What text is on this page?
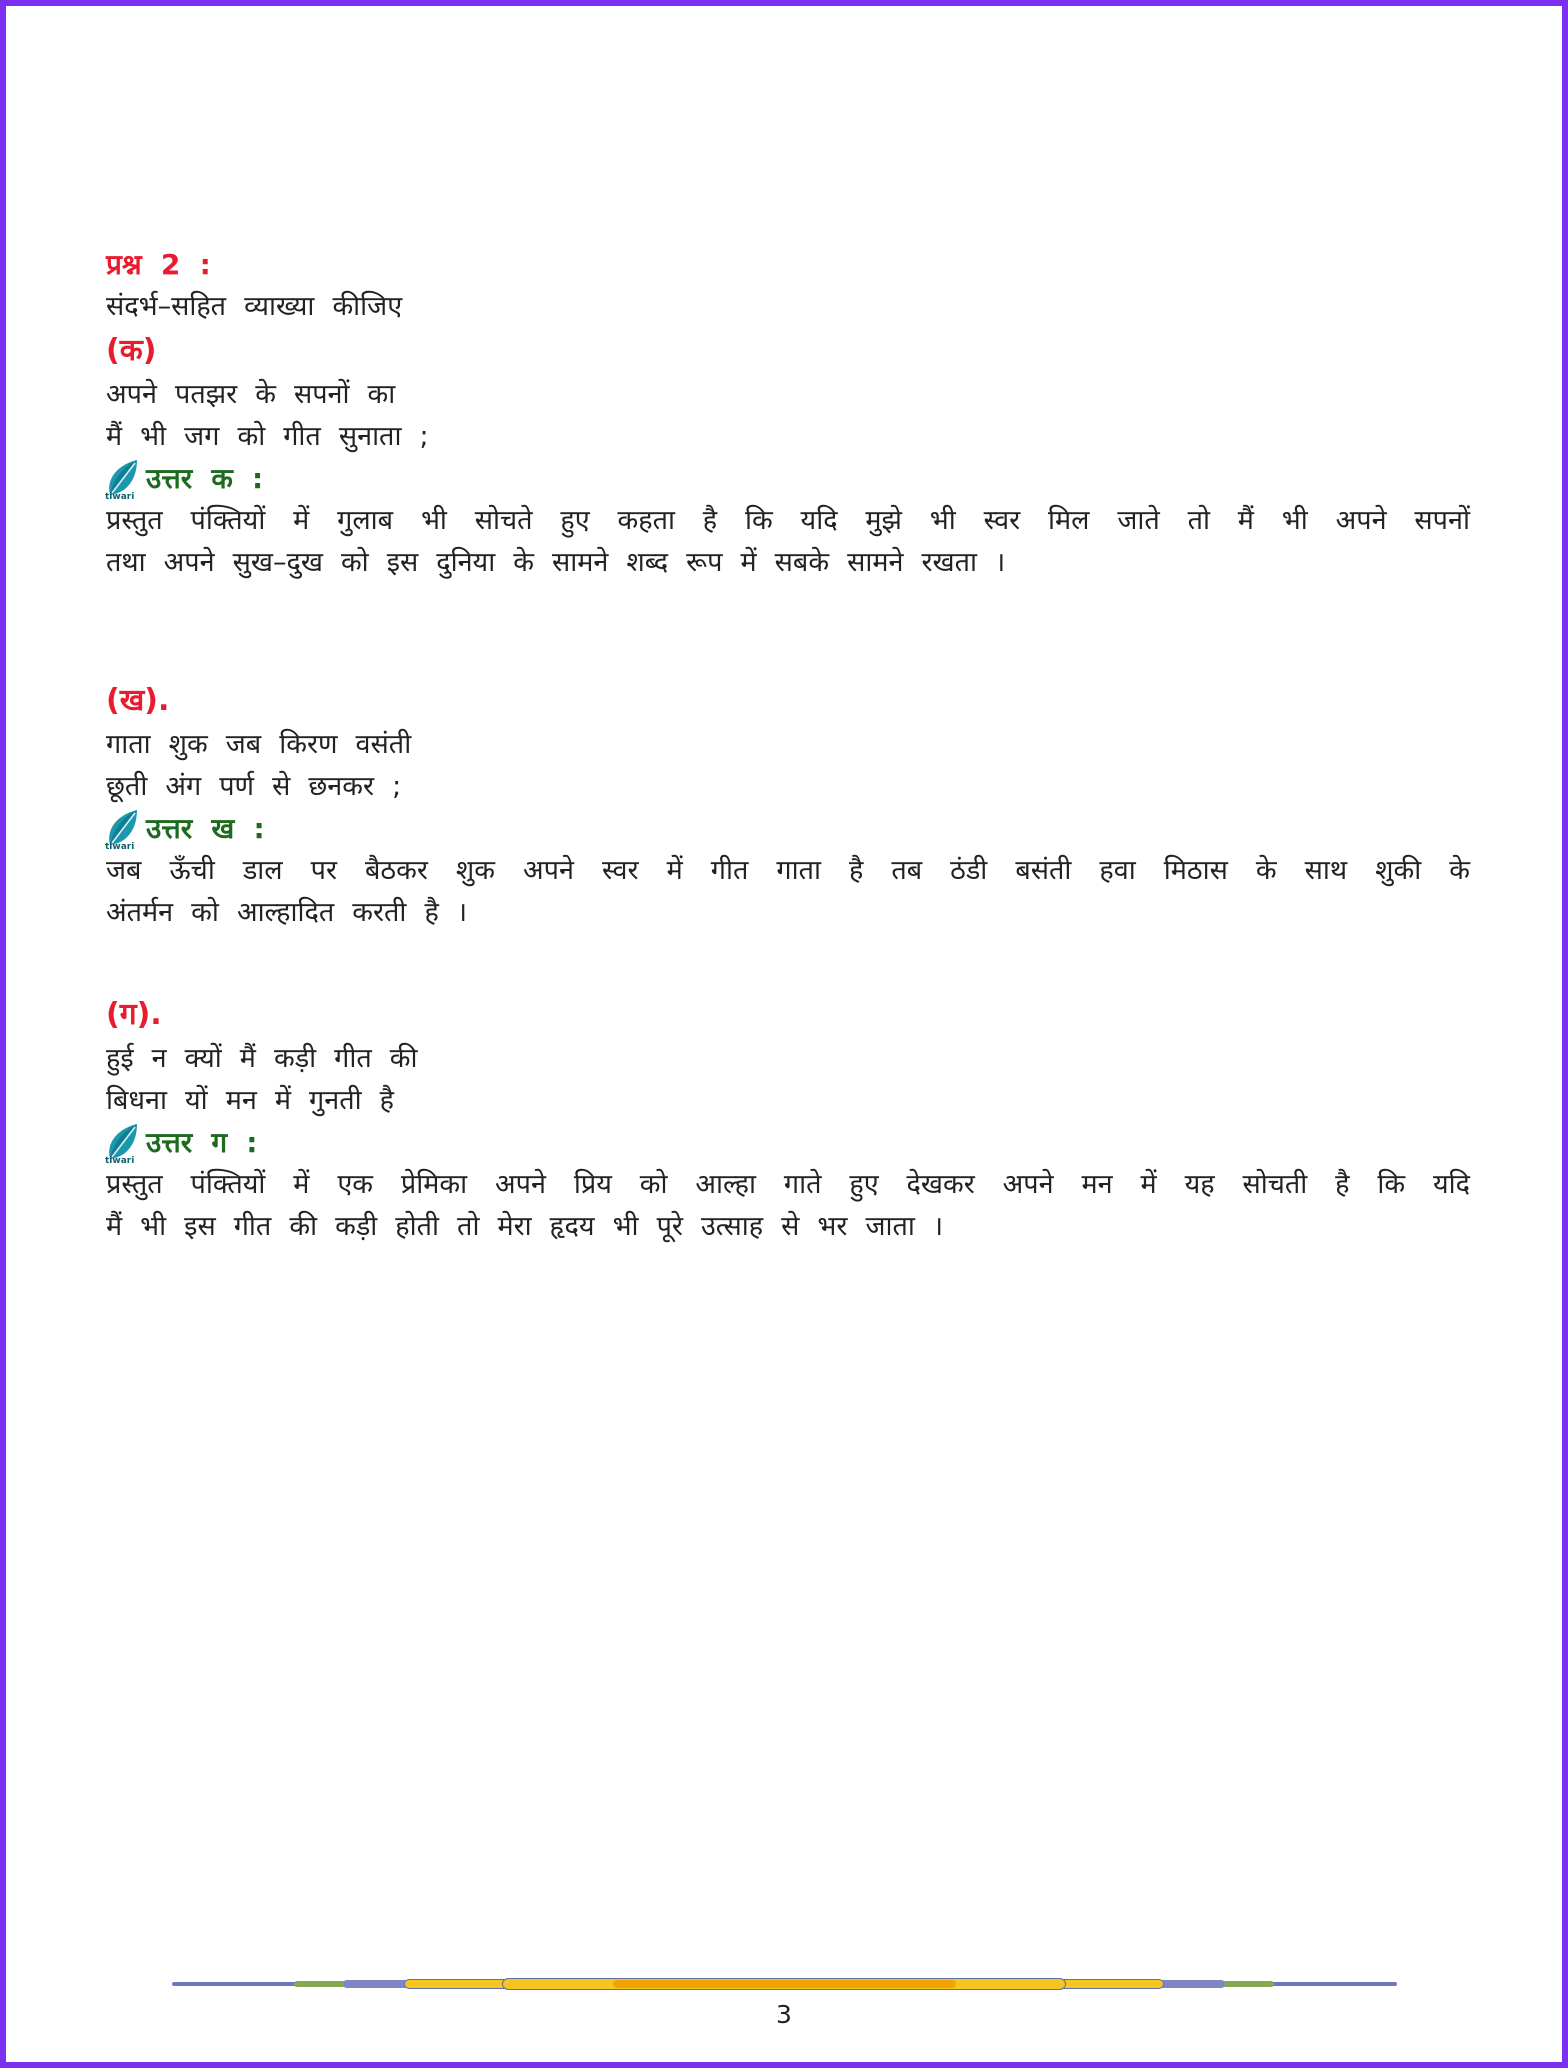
प्रश्न 2 :
संदर्भ–सहित व्याख्या कीजिए
(क)
अपने पतझर के सपनों का
मैं भी जग को गीत सुनाता ;
tiwari
उत्तर क :
प्रस्तुत पंक्तियों में गुलाब भी सोचते हुए कहता है कि यदि मुझे भी स्वर मिल जाते तो मैं भी अपने सपनों
तथा अपने सुख–दुख को इस दुनिया के सामने शब्द रूप में सबके सामने रखता ।
(ख).
गाता शुक जब किरण वसंती
छूती अंग पर्ण से छनकर ;
tiwari
उत्तर ख :
जब ऊँची डाल पर बैठकर शुक अपने स्वर में गीत गाता है तब ठंडी बसंती हवा मिठास के साथ शुकी के
अंतर्मन को आल्हादित करती है ।
(ग).
हुई न क्यों मैं कड़ी गीत की
बिधना यों मन में गुनती है
tiwari
उत्तर ग :
प्रस्तुत पंक्तियों में एक प्रेमिका अपने प्रिय को आल्हा गाते हुए देखकर अपने मन में यह सोचती है कि यदि
मैं भी इस गीत की कड़ी होती तो मेरा हृदय भी पूरे उत्साह से भर जाता ।
3
